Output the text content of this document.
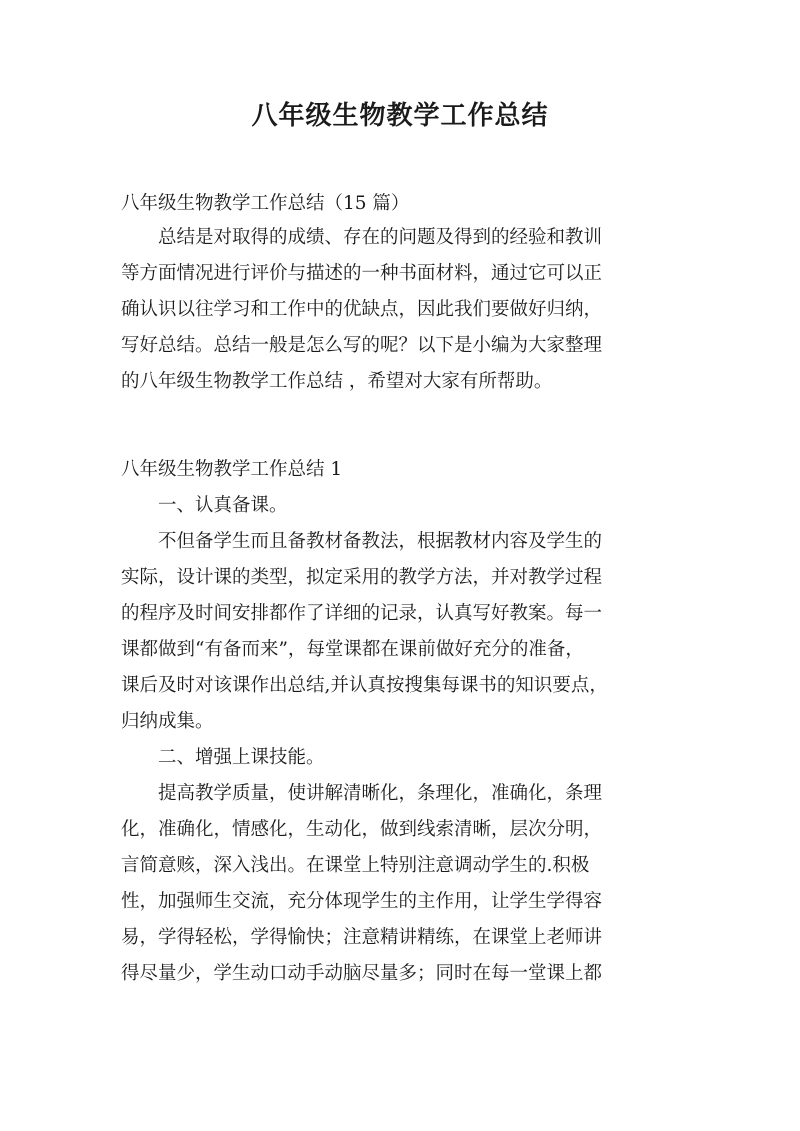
八年级生物教学工作总结
八年级生物教学工作总结（15 篇）
总结是对取得的成绩、存在的问题及得到的经验和教训
等方面情况进行评价与描述的一种书面材料，通过它可以正
确认识以往学习和工作中的优缺点，因此我们要做好归纳，
写好总结。总结一般是怎么写的呢？以下是小编为大家整理
的八年级生物教学工作总结 ，希望对大家有所帮助。
八年级生物教学工作总结 1
一、认真备课。
不但备学生而且备教材备教法，根据教材内容及学生的
实际，设计课的类型，拟定采用的教学方法，并对教学过程
的程序及时间安排都作了详细的记录，认真写好教案。每一
课都做到“有备而来”，每堂课都在课前做好充分的准备，
课后及时对该课作出总结,并认真按搜集每课书的知识要点，
归纳成集。
二、增强上课技能。
提高教学质量，使讲解清晰化，条理化，准确化，条理
化，准确化，情感化，生动化，做到线索清晰，层次分明，
言简意赅，深入浅出。在课堂上特别注意调动学生的.积极
性，加强师生交流，充分体现学生的主作用，让学生学得容
易，学得轻松，学得愉快；注意精讲精练，在课堂上老师讲
得尽量少，学生动口动手动脑尽量多；同时在每一堂课上都
